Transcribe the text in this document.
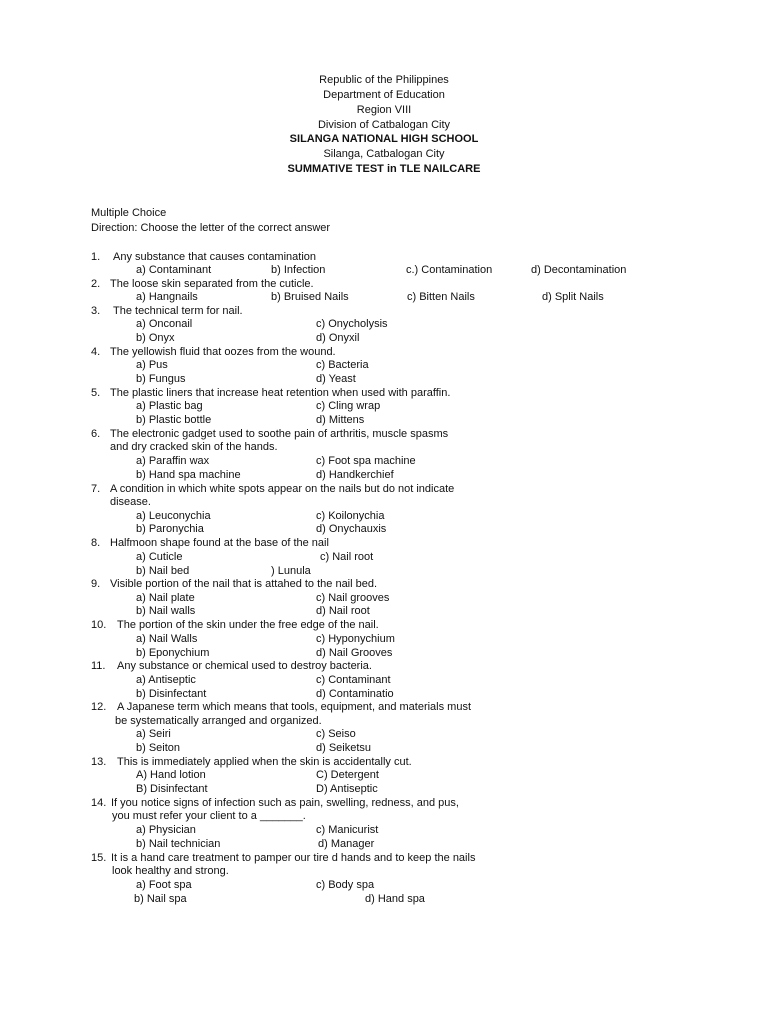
Republic of the Philippines
Department of Education
Region VIII
Division of Catbalogan City
SILANGA NATIONAL HIGH SCHOOL
Silanga, Catbalogan City
SUMMATIVE TEST in TLE NAILCARE
Multiple Choice
Direction: Choose the letter of the correct answer
1. Any substance that causes contamination
a) Contaminant	b) Infection	c.) Contamination	d) Decontamination
2. The loose skin separated from the cuticle.
a) Hangnails	b) Bruised Nails	c) Bitten Nails	d) Split Nails
3. The technical term for nail.
a) Onconail	c) Onycholysis
b) Onyx	d) Onyxil
4. The yellowish fluid that oozes from the wound.
a) Pus	c) Bacteria
b) Fungus	d) Yeast
5. The plastic liners that increase heat retention when used with paraffin.
a) Plastic bag	c) Cling wrap
b) Plastic bottle	d) Mittens
6. The electronic gadget used to soothe pain of arthritis, muscle spasms
and dry cracked skin of the hands.
a) Paraffin wax	c) Foot spa machine
b) Hand spa machine	d) Handkerchief
7. A condition in which white spots appear on the nails but do not indicate
disease.
a) Leuconychia	c) Koilonychia
b) Paronychia	d) Onychauxis
8. Halfmoon shape found at the base of the nail
a) Cuticle	c) Nail root
b) Nail bed	) Lunula
9. Visible portion of the nail that is attahed to the nail bed.
a) Nail plate	c) Nail grooves
b) Nail walls	d) Nail root
10. The portion of the skin under the free edge of the nail.
a) Nail Walls	c) Hyponychium
b) Eponychium	d) Nail Grooves
11. Any substance or chemical used to destroy bacteria.
a) Antiseptic	c) Contaminant
b) Disinfectant	d) Contaminatio
12. A Japanese term which means that tools, equipment, and materials must
be systematically arranged and organized.
a) Seiri	c) Seiso
b) Seiton	d) Seiketsu
13. This is immediately applied when the skin is accidentally cut.
A) Hand lotion	C) Detergent
B) Disinfectant	D) Antiseptic
14. If you notice signs of infection such as pain, swelling, redness, and pus,
you must refer your client to a _______.
a) Physician	c) Manicurist
b) Nail technician	d) Manager
15. It is a hand care treatment to pamper our tire d hands and to keep the nails
look healthy and strong.
a) Foot spa	c) Body spa
b) Nail spa	d) Hand spa
